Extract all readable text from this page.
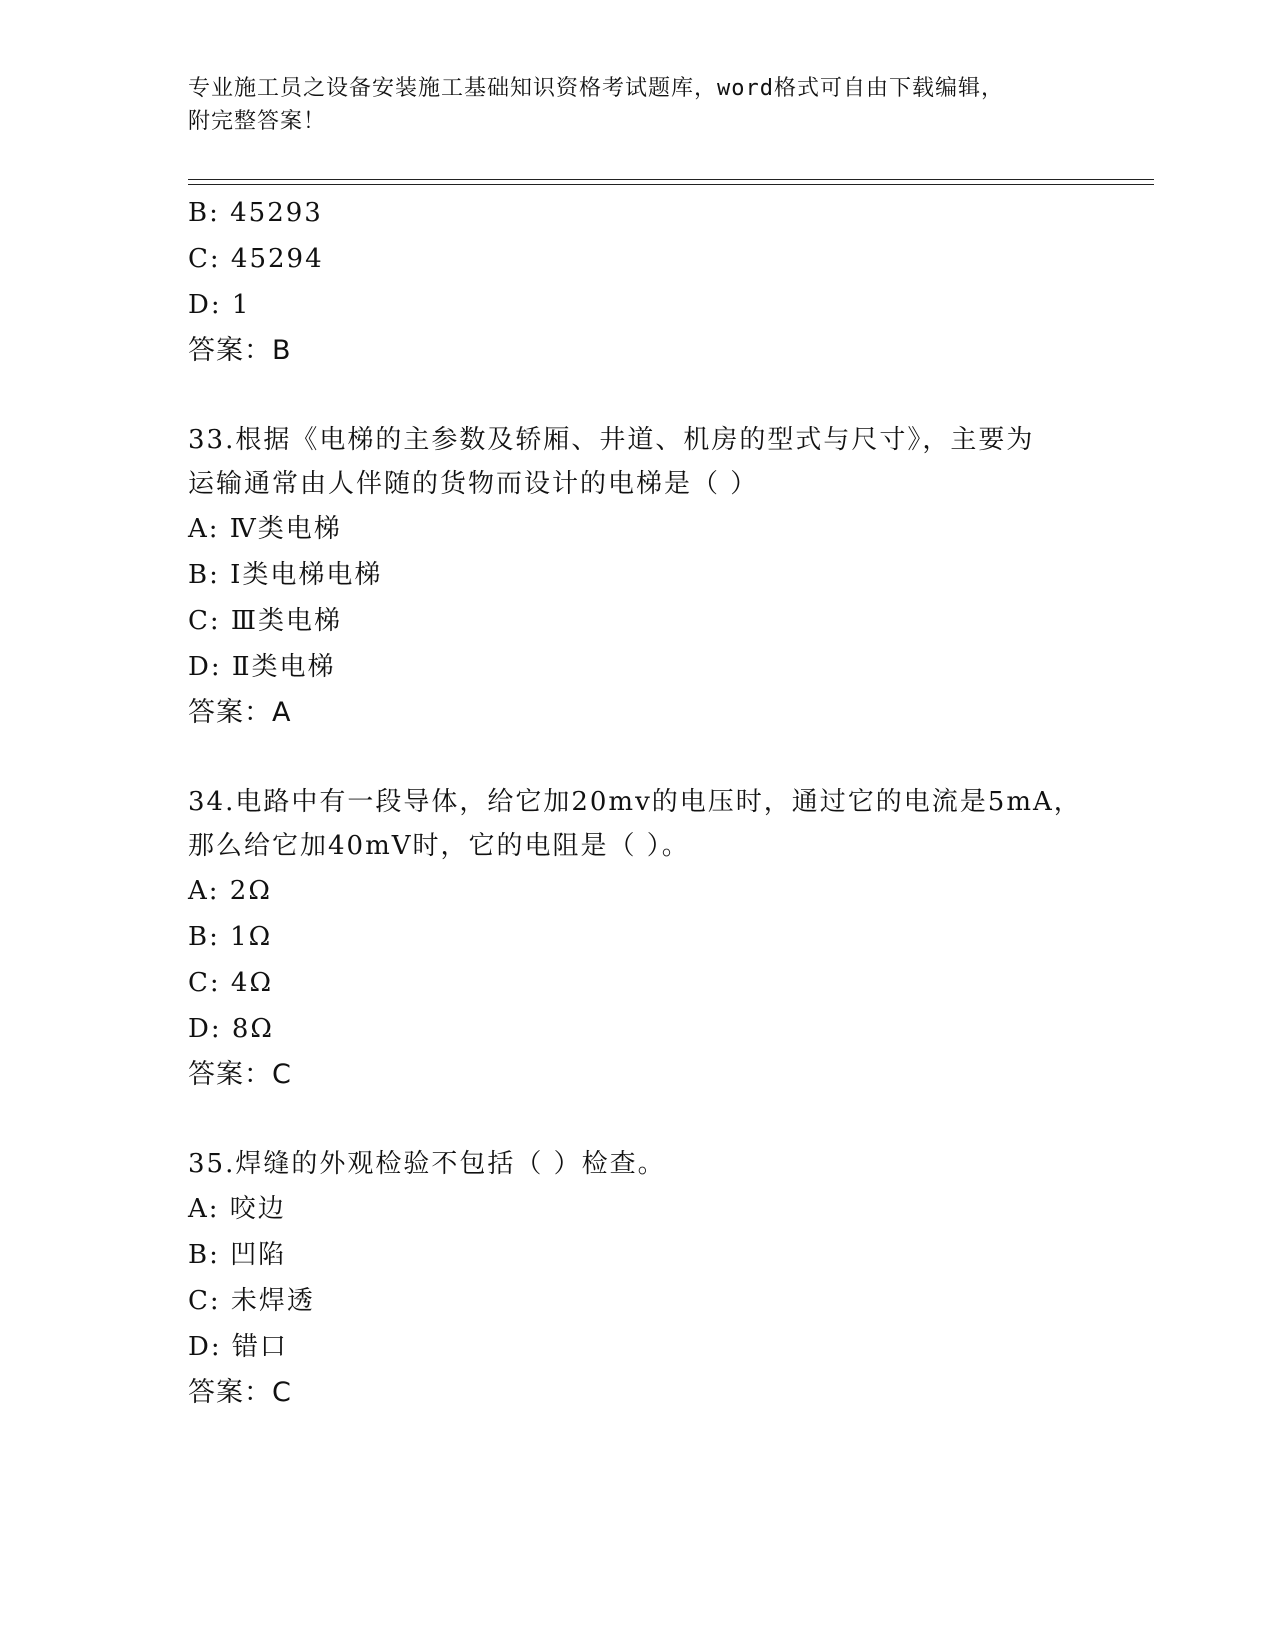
专业施工员之设备安装施工基础知识资格考试题库，word格式可自由下载编辑，
附完整答案！
B: 45293
C: 45294
D: 1
答案：B
33.根据《电梯的主参数及轿厢、井道、机房的型式与尺寸》，主要为
运输通常由人伴随的货物而设计的电梯是（ ）
A: Ⅳ类电梯
B: Ⅰ类电梯电梯
C: Ⅲ类电梯
D: Ⅱ类电梯
答案：A
34.电路中有一段导体，给它加20mv的电压时，通过它的电流是5mA，
那么给它加40mV时，它的电阻是（ ）。
A: 2Ω
B: 1Ω
C: 4Ω
D: 8Ω
答案：C
35.焊缝的外观检验不包括（ ）检查。
A: 咬边
B: 凹陷
C: 未焊透
D: 错口
答案：C
